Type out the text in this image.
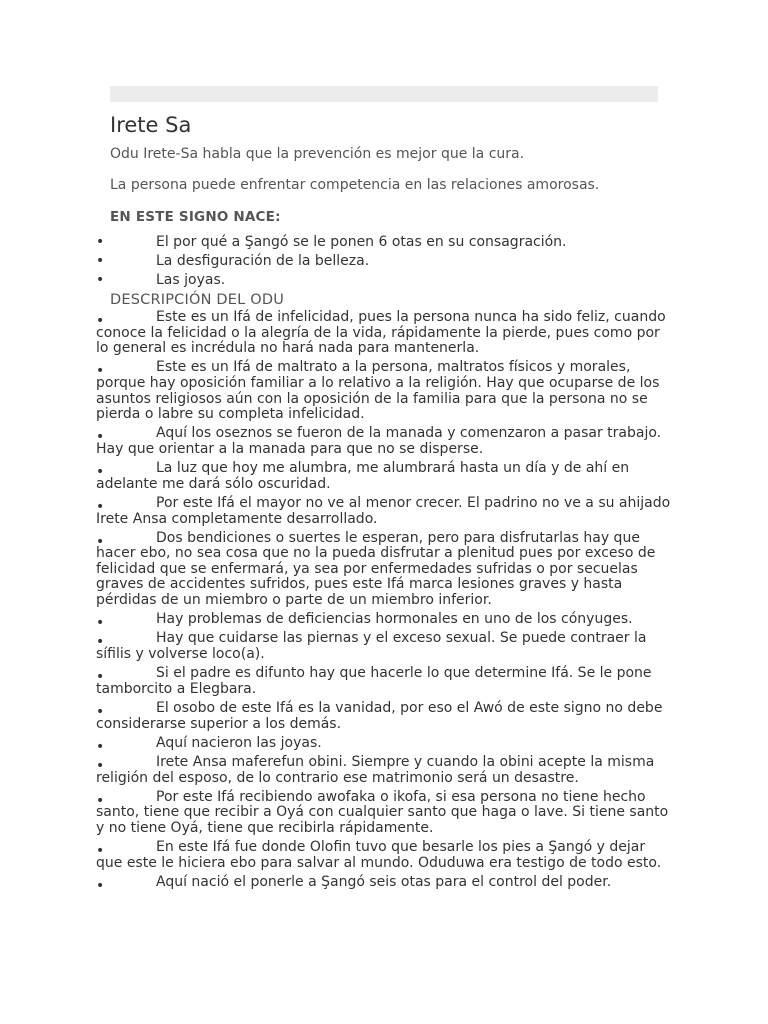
Irete Sa

Odu Irete-Sa habla que la prevención es mejor que la cura.

La persona puede enfrentar competencia en las relaciones amorosas.

EN ESTE SIGNO NACE:

•	El por qué a Şangó se le ponen 6 otas en su consagración.
•	La desfiguración de la belleza.
•	Las joyas.

DESCRIPCIÓN DEL ODU

•	Este es un Ifá de infelicidad, pues la persona nunca ha sido feliz, cuando conoce la felicidad o la alegría de la vida, rápidamente la pierde, pues como por lo general es incrédula no hará nada para mantenerla.
•	Este es un Ifá de maltrato a la persona, maltratos físicos y morales, porque hay oposición familiar a lo relativo a la religión. Hay que ocuparse de los asuntos religiosos aún con la oposición de la familia para que la persona no se pierda o labre su completa infelicidad.
•	Aquí los oseznos se fueron de la manada y comenzaron a pasar trabajo. Hay que orientar a la manada para que no se disperse.
•	La luz que hoy me alumbra, me alumbrará hasta un día y de ahí en adelante me dará sólo oscuridad.
•	Por este Ifá el mayor no ve al menor crecer. El padrino no ve a su ahijado Irete Ansa completamente desarrollado.
•	Dos bendiciones o suertes le esperan, pero para disfrutarlas hay que hacer ebo, no sea cosa que no la pueda disfrutar a plenitud pues por exceso de felicidad que se enfermará, ya sea por enfermedades sufridas o por secuelas graves de accidentes sufridos, pues este Ifá marca lesiones graves y hasta pérdidas de un miembro o parte de un miembro inferior.
•	Hay problemas de deficiencias hormonales en uno de los cónyuges.
•	Hay que cuidarse las piernas y el exceso sexual. Se puede contraer la sífilis y volverse loco(a).
•	Si el padre es difunto hay que hacerle lo que determine Ifá. Se le pone tamborcito a Elegbara.
•	El osobo de este Ifá es la vanidad, por eso el Awó de este signo no debe considerarse superior a los demás.
•	Aquí nacieron las joyas.
•	Irete Ansa maferefun obini. Siempre y cuando la obini acepte la misma religión del esposo, de lo contrario ese matrimonio será un desastre.
•	Por este Ifá recibiendo awofaka o ikofa, si esa persona no tiene hecho santo, tiene que recibir a Oyá con cualquier santo que haga o lave. Si tiene santo y no tiene Oyá, tiene que recibirla rápidamente.
•	En este Ifá fue donde Olofin tuvo que besarle los pies a Şangó y dejar que este le hiciera ebo para salvar al mundo. Oduduwa era testigo de todo esto.
•	Aquí nació el ponerle a Şangó seis otas para el control del poder.
